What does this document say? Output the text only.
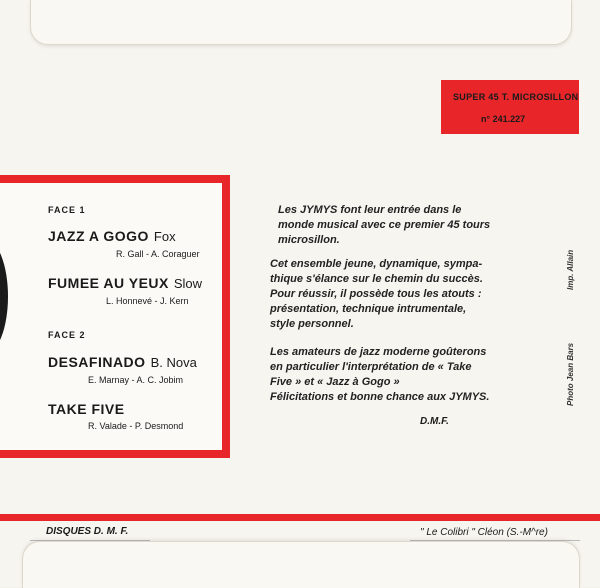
SUPER 45 T. MICROSILLON
n° 241.227
FACE 1
JAZZ A GOGO Fox
R. Gall - A. Coraguer
FUMEE AU YEUX Slow
L. Honnevé - J. Kern
FACE 2
DESAFINADO B. Nova
E. Marnay - A. C. Jobim
TAKE FIVE
R. Valade - P. Desmond
Les JYMYS font leur entrée dans le
monde musical avec ce premier 45 tours
microsillon.
Cet ensemble jeune, dynamique, sympa-
thique s'élance sur le chemin du succès.
Pour réussir, il possède tous les atouts :
présentation, technique intrumentale,
style personnel.
Les amateurs de jazz moderne goûterons
en particulier l'interprétation de « Take
Five » et « Jazz à Gogo »
Félicitations et bonne chance aux JYMYS.
D.M.F.
Imp. Allain
Photo Jean Bars
DISQUES D. M. F.	" Le Colibri " Cléon (S.-M^re)
